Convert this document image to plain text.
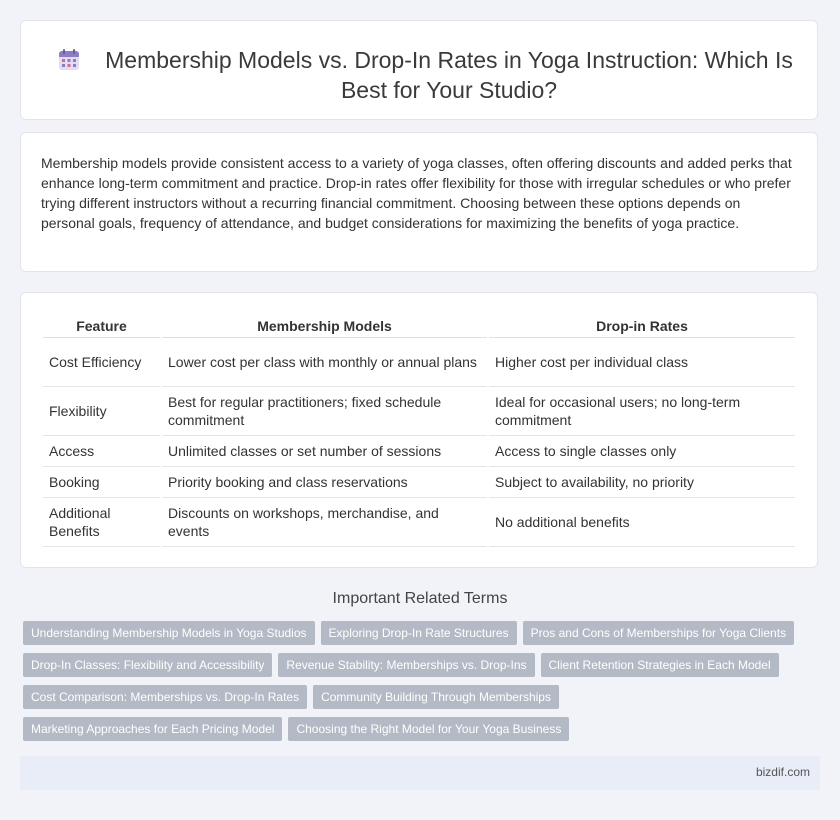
Membership Models vs. Drop-In Rates in Yoga Instruction: Which Is Best for Your Studio?
Membership models provide consistent access to a variety of yoga classes, often offering discounts and added perks that enhance long-term commitment and practice. Drop-in rates offer flexibility for those with irregular schedules or who prefer trying different instructors without a recurring financial commitment. Choosing between these options depends on personal goals, frequency of attendance, and budget considerations for maximizing the benefits of yoga practice.
Feature	Membership Models	Drop-in Rates
Cost Efficiency	Lower cost per class with monthly or annual plans	Higher cost per individual class
Flexibility	Best for regular practitioners; fixed schedule commitment	Ideal for occasional users; no long-term commitment
Access	Unlimited classes or set number of sessions	Access to single classes only
Booking	Priority booking and class reservations	Subject to availability, no priority
Additional Benefits	Discounts on workshops, merchandise, and events	No additional benefits
Important Related Terms
Understanding Membership Models in Yoga Studios	Exploring Drop-In Rate Structures	Pros and Cons of Memberships for Yoga Clients
Drop-In Classes: Flexibility and Accessibility	Revenue Stability: Memberships vs. Drop-Ins	Client Retention Strategies in Each Model
Cost Comparison: Memberships vs. Drop-In Rates	Community Building Through Memberships
Marketing Approaches for Each Pricing Model	Choosing the Right Model for Your Yoga Business
bizdif.com
